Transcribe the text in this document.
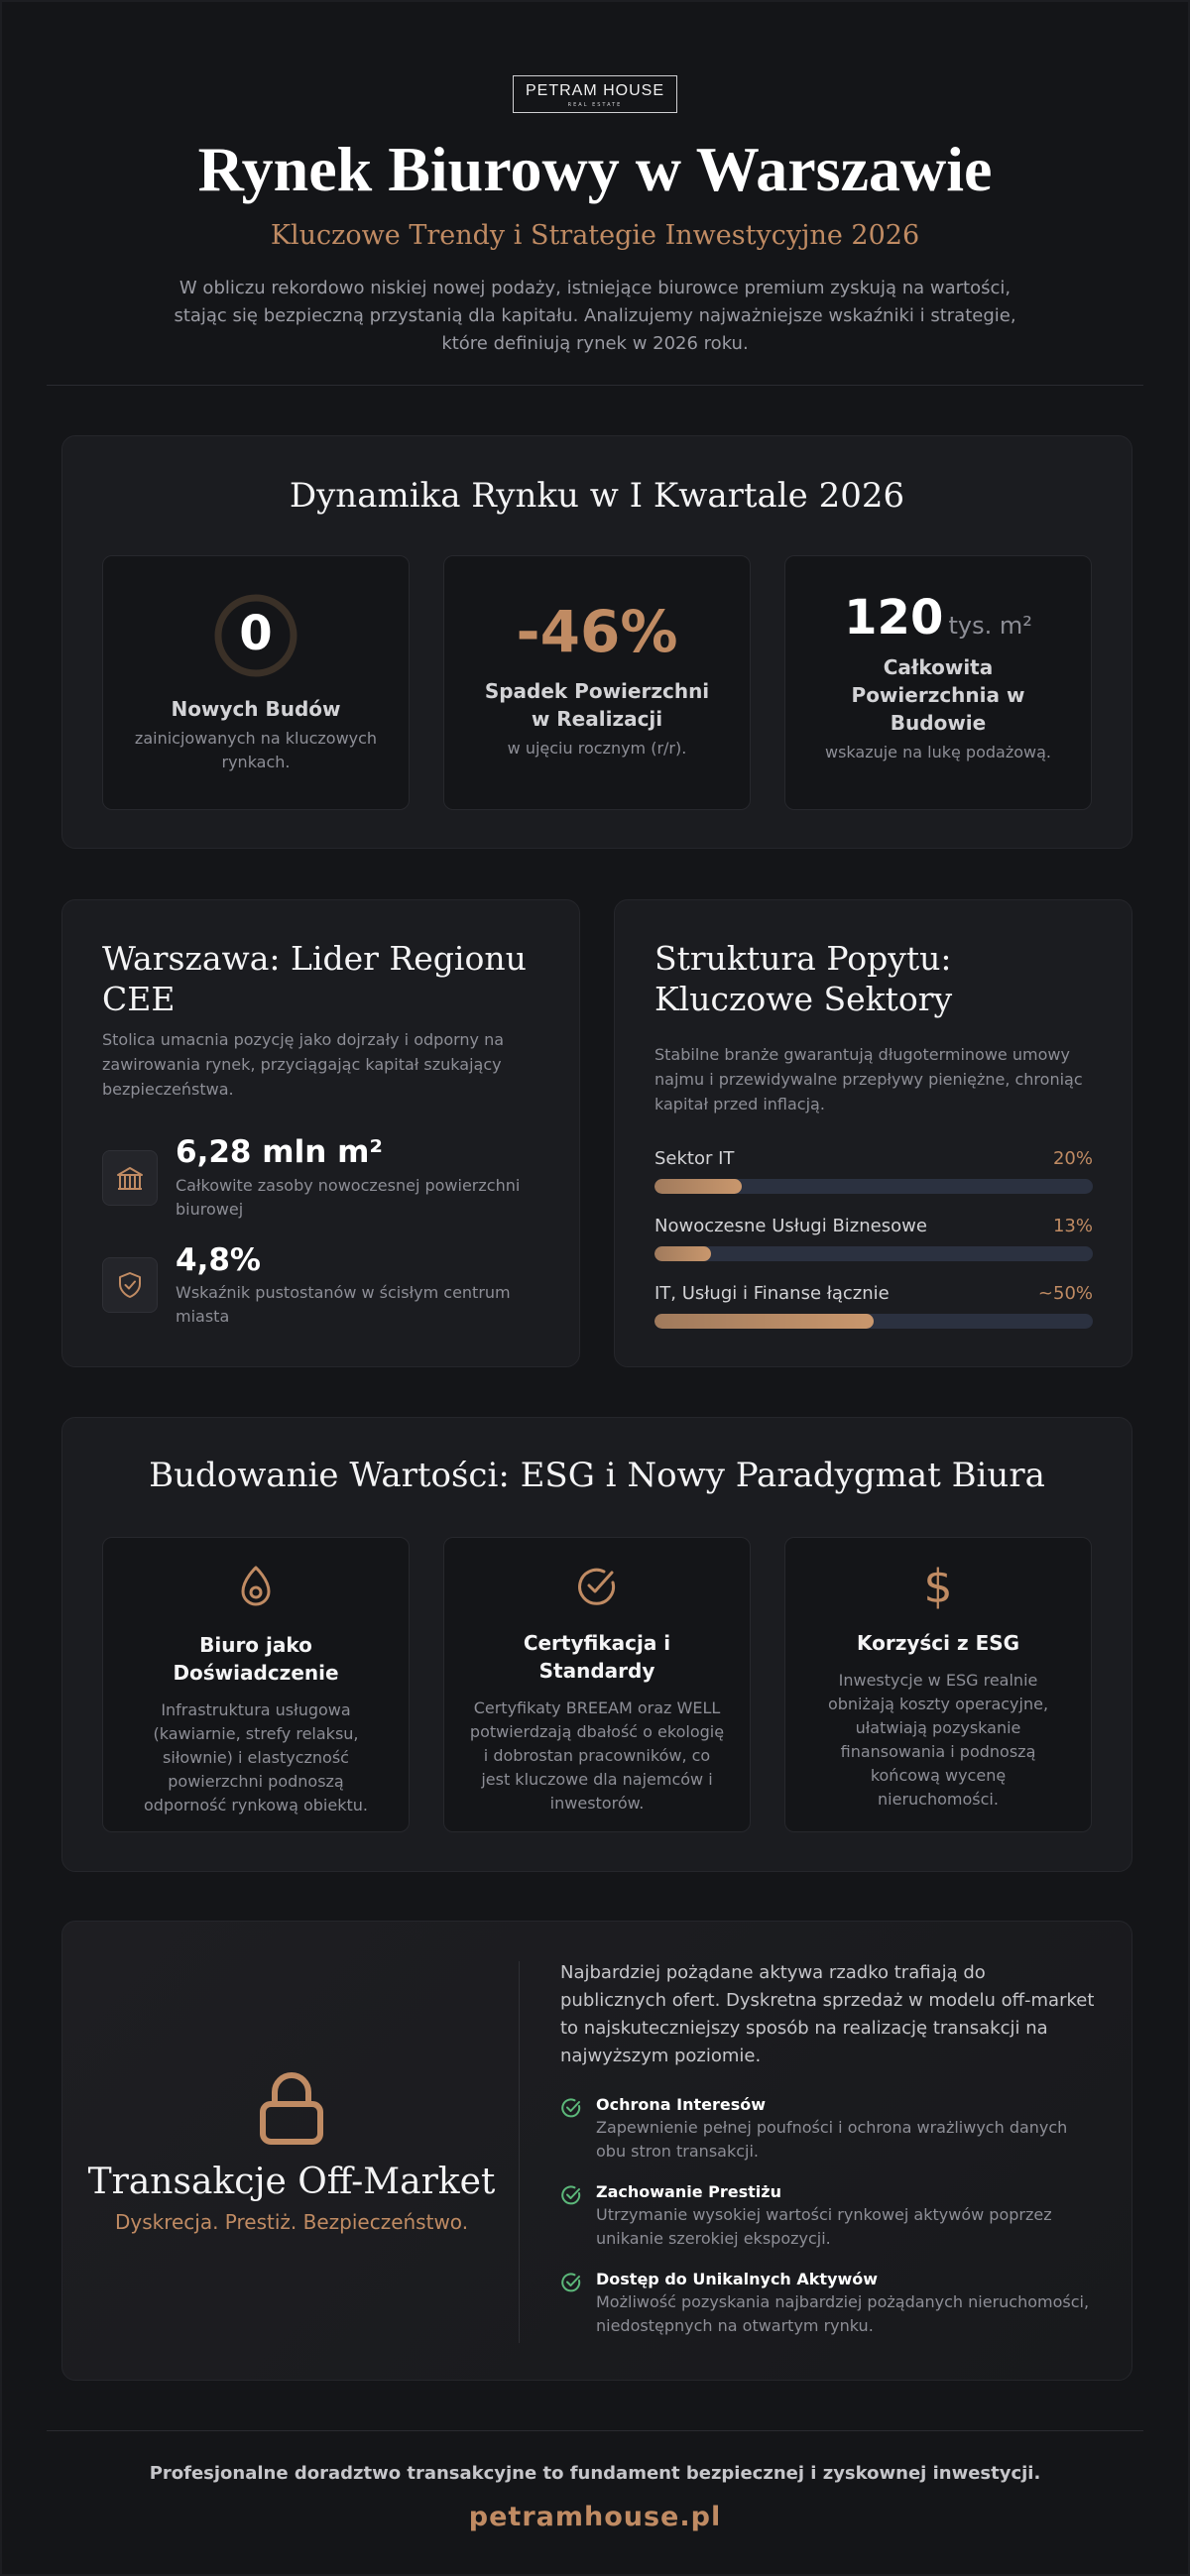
PETRAM HOUSE
REAL ESTATE
Rynek Biurowy w Warszawie
Kluczowe Trendy i Strategie Inwestycyjne 2026
W obliczu rekordowo niskiej nowej podaży, istniejące biurowce premium zyskują na wartości, stając się bezpieczną przystanią dla kapitału. Analizujemy najważniejsze wskaźniki i strategie, które definiują rynek w 2026 roku.
Dynamika Rynku w I Kwartale 2026
0
Nowych Budów
zainicjowanych na kluczowych rynkach.
-46%
Spadek Powierzchni w Realizacji
w ujęciu rocznym (r/r).
120 tys. m²
Całkowita Powierzchnia w Budowie
wskazuje na lukę podażową.
Warszawa: Lider Regionu CEE
Stolica umacnia pozycję jako dojrzały i odporny na zawirowania rynek, przyciągając kapitał szukający bezpieczeństwa.
6,28 mln m²
Całkowite zasoby nowoczesnej powierzchni biurowej
4,8%
Wskaźnik pustostanów w ścisłym centrum miasta
Struktura Popytu: Kluczowe Sektory
Stabilne branże gwarantują długoterminowe umowy najmu i przewidywalne przepływy pieniężne, chroniąc kapitał przed inflacją.
Sektor IT	20%
Nowoczesne Usługi Biznesowe	13%
IT, Usługi i Finanse łącznie	~50%
Budowanie Wartości: ESG i Nowy Paradygmat Biura
Biuro jako Doświadczenie
Infrastruktura usługowa (kawiarnie, strefy relaksu, siłownie) i elastyczność powierzchni podnoszą odporność rynkową obiektu.
Certyfikacja i Standardy
Certyfikaty BREEAM oraz WELL potwierdzają dbałość o ekologię i dobrostan pracowników, co jest kluczowe dla najemców i inwestorów.
$
Korzyści z ESG
Inwestycje w ESG realnie obniżają koszty operacyjne, ułatwiają pozyskanie finansowania i podnoszą końcową wycenę nieruchomości.
Transakcje Off-Market
Dyskrecja. Prestiż. Bezpieczeństwo.
Najbardziej pożądane aktywa rzadko trafiają do publicznych ofert. Dyskretna sprzedaż w modelu off-market to najskuteczniejszy sposób na realizację transakcji na najwyższym poziomie.
Ochrona Interesów
Zapewnienie pełnej poufności i ochrona wrażliwych danych obu stron transakcji.
Zachowanie Prestiżu
Utrzymanie wysokiej wartości rynkowej aktywów poprzez unikanie szerokiej ekspozycji.
Dostęp do Unikalnych Aktywów
Możliwość pozyskania najbardziej pożądanych nieruchomości, niedostępnych na otwartym rynku.
Profesjonalne doradztwo transakcyjne to fundament bezpiecznej i zyskownej inwestycji.
petramhouse.pl
